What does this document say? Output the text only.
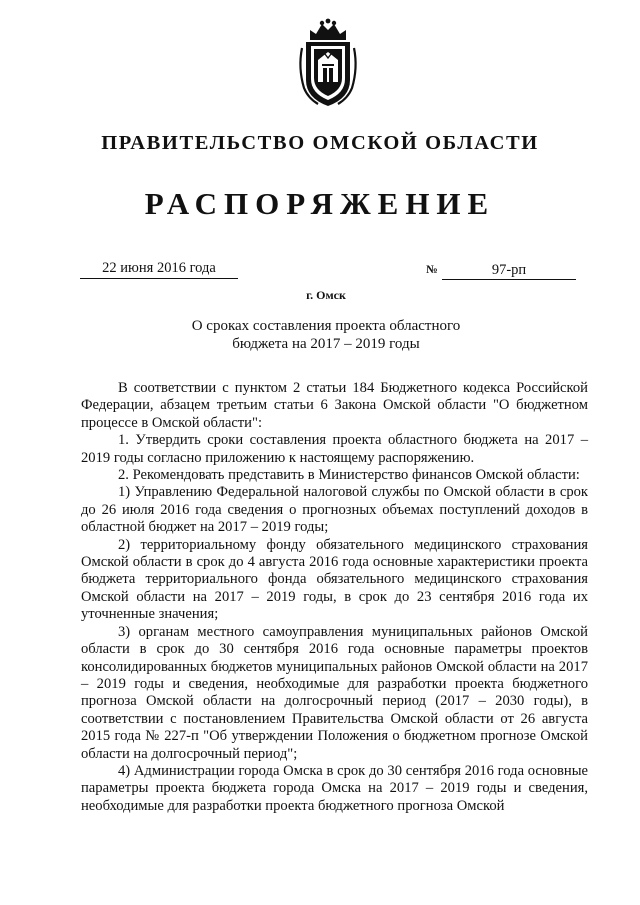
ПРАВИТЕЛЬСТВО ОМСКОЙ ОБЛАСТИ
РАСПОРЯЖЕНИЕ
22 июня 2016 года	№	97-рп
г. Омск
О сроках составления проекта областного
бюджета на 2017 – 2019 годы

В соответствии с пунктом 2 статьи 184 Бюджетного кодекса Российской Федерации, абзацем третьим статьи 6 Закона Омской области "О бюджетном процессе в Омской области":

1. Утвердить сроки составления проекта областного бюджета на 2017 – 2019 годы согласно приложению к настоящему распоряжению.

2. Рекомендовать представить в Министерство финансов Омской области:

1) Управлению Федеральной налоговой службы по Омской области в срок до 26 июля 2016 года сведения о прогнозных объемах поступлений доходов в областной бюджет на 2017 – 2019 годы;

2) территориальному фонду обязательного медицинского страхования Омской области в срок до 4 августа 2016 года основные характеристики проекта бюджета территориального фонда обязательного медицинского страхования Омской области на 2017 – 2019 годы, в срок до 23 сентября 2016 года их уточненные значения;

3) органам местного самоуправления муниципальных районов Омской области в срок до 30 сентября 2016 года основные параметры проектов консолидированных бюджетов муниципальных районов Омской области на 2017 – 2019 годы и сведения, необходимые для разработки проекта бюджетного прогноза Омской области на долгосрочный период (2017 – 2030 годы), в соответствии с постановлением Правительства Омской области от 26 августа 2015 года № 227-п "Об утверждении Положения о бюджетном прогнозе Омской области на долгосрочный период";

4) Администрации города Омска в срок до 30 сентября 2016 года основные параметры проекта бюджета города Омска на 2017 – 2019 годы и сведения, необходимые для разработки проекта бюджетного прогноза Омской
